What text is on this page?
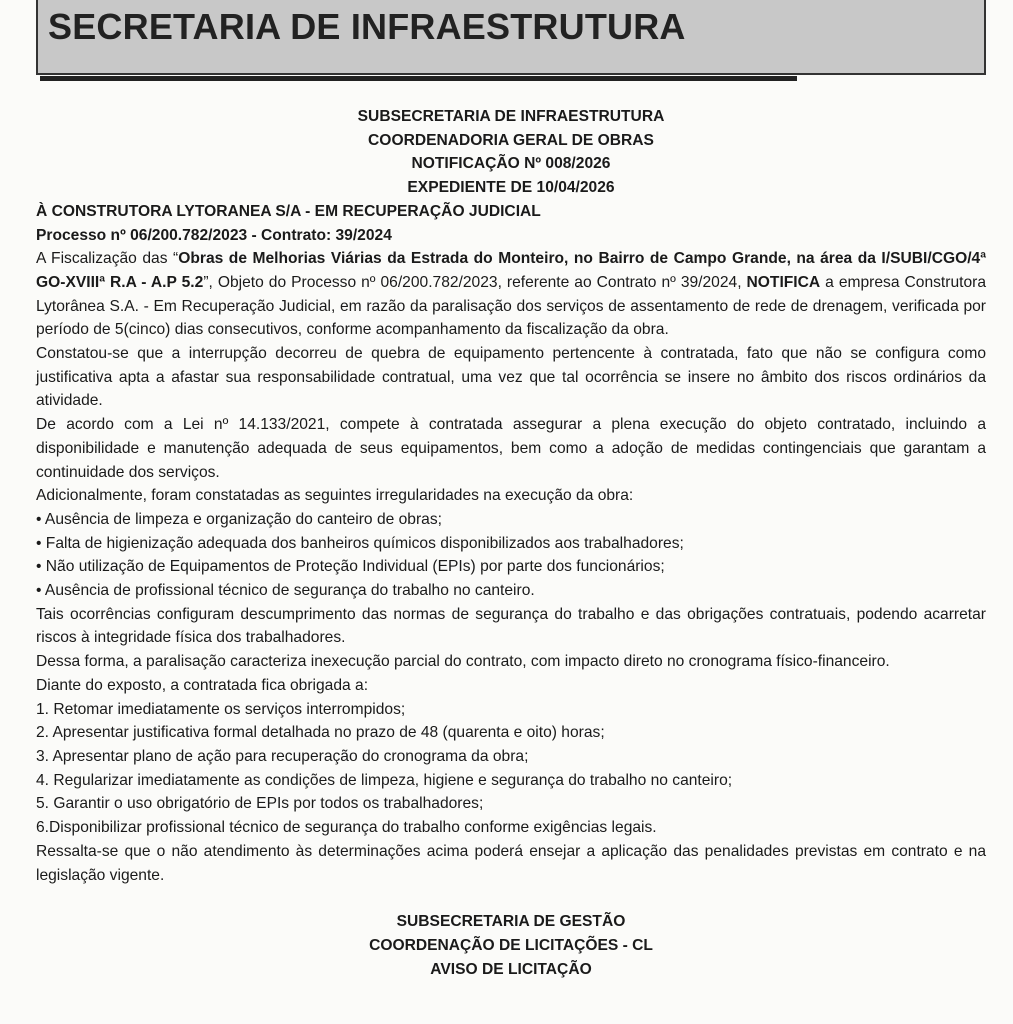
SECRETARIA DE INFRAESTRUTURA

SUBSECRETARIA DE INFRAESTRUTURA

COORDENADORIA GERAL DE OBRAS

NOTIFICAÇÃO Nº 008/2026

EXPEDIENTE DE 10/04/2026

À CONSTRUTORA LYTORANEA S/A - EM RECUPERAÇÃO JUDICIAL

Processo nº 06/200.782/2023 - Contrato: 39/2024

A Fiscalização das “Obras de Melhorias Viárias da Estrada do Monteiro, no Bairro de Campo Grande, na área da I/SUBI/CGO/4ª GO-XVIIIª R.A - A.P 5.2”, Objeto do Processo nº 06/200.782/2023, referente ao Contrato nº 39/2024, NOTIFICA a empresa Construtora Lytorânea S.A. - Em Recuperação Judicial, em razão da paralisação dos serviços de assentamento de rede de drenagem, verificada por período de 5(cinco) dias consecutivos, conforme acompanhamento da fiscalização da obra.

Constatou-se que a interrupção decorreu de quebra de equipamento pertencente à contratada, fato que não se configura como justificativa apta a afastar sua responsabilidade contratual, uma vez que tal ocorrência se insere no âmbito dos riscos ordinários da atividade.

De acordo com a Lei nº 14.133/2021, compete à contratada assegurar a plena execução do objeto contratado, incluindo a disponibilidade e manutenção adequada de seus equipamentos, bem como a adoção de medidas contingenciais que garantam a continuidade dos serviços.

Adicionalmente, foram constatadas as seguintes irregularidades na execução da obra:

• Ausência de limpeza e organização do canteiro de obras;

• Falta de higienização adequada dos banheiros químicos disponibilizados aos trabalhadores;

• Não utilização de Equipamentos de Proteção Individual (EPIs) por parte dos funcionários;

• Ausência de profissional técnico de segurança do trabalho no canteiro.

Tais ocorrências configuram descumprimento das normas de segurança do trabalho e das obrigações contratuais, podendo acarretar riscos à integridade física dos trabalhadores.

Dessa forma, a paralisação caracteriza inexecução parcial do contrato, com impacto direto no cronograma físico-financeiro.

Diante do exposto, a contratada fica obrigada a:

1. Retomar imediatamente os serviços interrompidos;

2. Apresentar justificativa formal detalhada no prazo de 48 (quarenta e oito) horas;

3. Apresentar plano de ação para recuperação do cronograma da obra;

4. Regularizar imediatamente as condições de limpeza, higiene e segurança do trabalho no canteiro;

5. Garantir o uso obrigatório de EPIs por todos os trabalhadores;

6.Disponibilizar profissional técnico de segurança do trabalho conforme exigências legais.

Ressalta-se que o não atendimento às determinações acima poderá ensejar a aplicação das penalidades previstas em contrato e na legislação vigente.

SUBSECRETARIA DE GESTÃO

COORDENAÇÃO DE LICITAÇÕES - CL

AVISO DE LICITAÇÃO
